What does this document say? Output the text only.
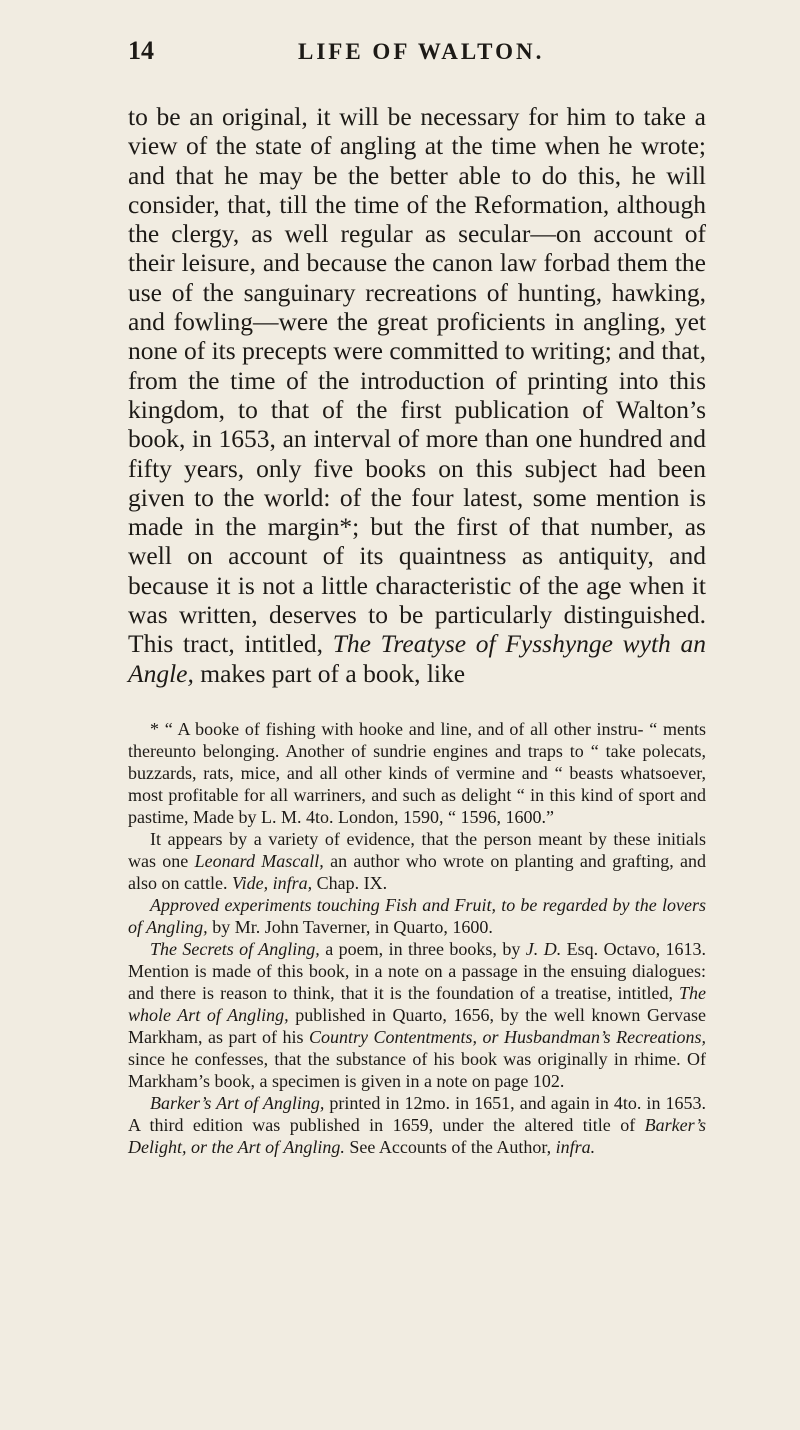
14	LIFE OF WALTON.

to be an original, it will be necessary for him to take a view of the state of angling at the time when he wrote; and that he may be the better able to do this, he will consider, that, till the time of the Reformation, although the clergy, as well regular as secular—on account of their leisure, and because the canon law forbad them the use of the sanguinary recreations of hunting, hawking, and fowling—were the great proficients in angling, yet none of its precepts were committed to writing; and that, from the time of the introduction of printing into this kingdom, to that of the first publication of Walton’s book, in 1653, an interval of more than one hundred and fifty years, only five books on this subject had been given to the world: of the four latest, some mention is made in the margin*; but the first of that number, as well on account of its quaintness as antiquity, and because it is not a little characteristic of the age when it was written, deserves to be particularly distinguished. This tract, intitled, The Treatyse of Fysshynge wyth an Angle, makes part of a book, like

* “ A booke of fishing with hooke and line, and of all other instru- “ ments thereunto belonging. Another of sundrie engines and traps to “ take polecats, buzzards, rats, mice, and all other kinds of vermine and “ beasts whatsoever, most profitable for all warriners, and such as delight “ in this kind of sport and pastime, Made by L. M. 4to. London, 1590, “ 1596, 1600.”

It appears by a variety of evidence, that the person meant by these initials was one Leonard Mascall, an author who wrote on planting and grafting, and also on cattle. Vide, infra, Chap. IX.

Approved experiments touching Fish and Fruit, to be regarded by the lovers of Angling, by Mr. John Taverner, in Quarto, 1600.

The Secrets of Angling, a poem, in three books, by J. D. Esq. Octavo, 1613. Mention is made of this book, in a note on a passage in the ensuing dialogues: and there is reason to think, that it is the foundation of a treatise, intitled, The whole Art of Angling, published in Quarto, 1656, by the well known Gervase Markham, as part of his Country Contentments, or Husbandman’s Recreations, since he confesses, that the substance of his book was originally in rhime. Of Markham’s book, a specimen is given in a note on page 102.

Barker’s Art of Angling, printed in 12mo. in 1651, and again in 4to. in 1653. A third edition was published in 1659, under the altered title of Barker’s Delight, or the Art of Angling. See Accounts of the Author, infra.
